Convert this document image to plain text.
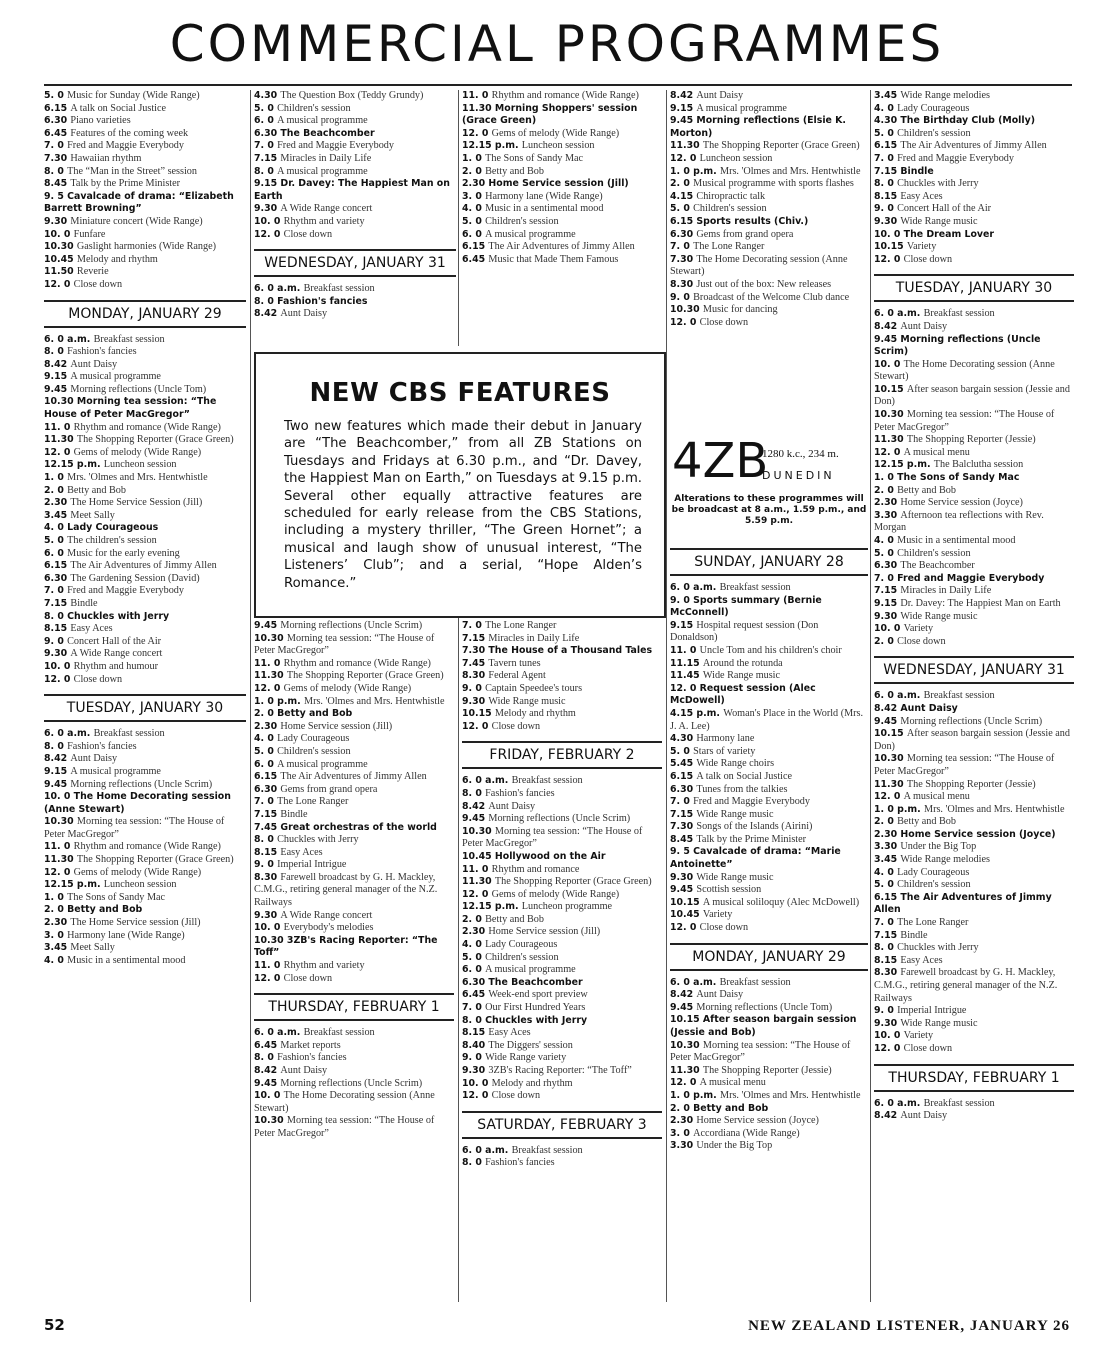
COMMERCIAL PROGRAMMES

5. 0 Music for Sunday (Wide Range)

6.15 A talk on Social Justice

6.30 Piano varieties

6.45 Features of the coming week

7. 0 Fred and Maggie Everybody

7.30 Hawaiian rhythm

8. 0 The “Man in the Street” session

8.45 Talk by the Prime Minister

9. 5 Cavalcade of drama: “Elizabeth Barrett Browning”

9.30 Miniature concert (Wide Range)

10. 0 Funfare

10.30 Gaslight harmonies (Wide Range)

10.45 Melody and rhythm

11.50 Reverie

12. 0 Close down

MONDAY, JANUARY 29

6. 0 a.m. Breakfast session

8. 0 Fashion's fancies

8.42 Aunt Daisy

9.15 A musical programme

9.45 Morning reflections (Uncle Tom)

10.30 Morning tea session: “The House of Peter MacGregor”

11. 0 Rhythm and romance (Wide Range)

11.30 The Shopping Reporter (Grace Green)

12. 0 Gems of melody (Wide Range)

12.15 p.m. Luncheon session

1. 0 Mrs. 'Olmes and Mrs. Hentwhistle

2. 0 Betty and Bob

2.30 The Home Service Session (Jill)

3.45 Meet Sally

4. 0 Lady Courageous

5. 0 The children's session

6. 0 Music for the early evening

6.15 The Air Adventures of Jimmy Allen

6.30 The Gardening Session (David)

7. 0 Fred and Maggie Everybody

7.15 Bindle

8. 0 Chuckles with Jerry

8.15 Easy Aces

9. 0 Concert Hall of the Air

9.30 A Wide Range concert

10. 0 Rhythm and humour

12. 0 Close down

TUESDAY, JANUARY 30

6. 0 a.m. Breakfast session

8. 0 Fashion's fancies

8.42 Aunt Daisy

9.15 A musical programme

9.45 Morning reflections (Uncle Scrim)

10. 0 The Home Decorating session (Anne Stewart)

10.30 Morning tea session: “The House of Peter MacGregor”

11. 0 Rhythm and romance (Wide Range)

11.30 The Shopping Reporter (Grace Green)

12. 0 Gems of melody (Wide Range)

12.15 p.m. Luncheon session

1. 0 The Sons of Sandy Mac

2. 0 Betty and Bob

2.30 The Home Service session (Jill)

3. 0 Harmony lane (Wide Range)

3.45 Meet Sally

4. 0 Music in a sentimental mood

4.30 The Question Box (Teddy Grundy)

5. 0 Children's session

6. 0 A musical programme

6.30 The Beachcomber

7. 0 Fred and Maggie Everybody

7.15 Miracles in Daily Life

8. 0 A musical programme

9.15 Dr. Davey: The Happiest Man on Earth

9.30 A Wide Range concert

10. 0 Rhythm and variety

12. 0 Close down

WEDNESDAY, JANUARY 31

6. 0 a.m. Breakfast session

8. 0 Fashion's fancies

8.42 Aunt Daisy

11. 0 Rhythm and romance (Wide Range)

11.30 Morning Shoppers' session (Grace Green)

12. 0 Gems of melody (Wide Range)

12.15 p.m. Luncheon session

1. 0 The Sons of Sandy Mac

2. 0 Betty and Bob

2.30 Home Service session (Jill)

3. 0 Harmony lane (Wide Range)

4. 0 Music in a sentimental mood

5. 0 Children's session

6. 0 A musical programme

6.15 The Air Adventures of Jimmy Allen

6.45 Music that Made Them Famous

8.42 Aunt Daisy

9.15 A musical programme

9.45 Morning reflections (Elsie K. Morton)

11.30 The Shopping Reporter (Grace Green)

12. 0 Luncheon session

1. 0 p.m. Mrs. 'Olmes and Mrs. Hentwhistle

2. 0 Musical programme with sports flashes

4.15 Chiropractic talk

5. 0 Children's session

6.15 Sports results (Chiv.)

6.30 Gems from grand opera

7. 0 The Lone Ranger

7.30 The Home Decorating session (Anne Stewart)

8.30 Just out of the box: New releases

9. 0 Broadcast of the Welcome Club dance

10.30 Music for dancing

12. 0 Close down

3.45 Wide Range melodies

4. 0 Lady Courageous

4.30 The Birthday Club (Molly)

5. 0 Children's session

6.15 The Air Adventures of Jimmy Allen

7. 0 Fred and Maggie Everybody

7.15 Bindle

8. 0 Chuckles with Jerry

8.15 Easy Aces

9. 0 Concert Hall of the Air

9.30 Wide Range music

10. 0 The Dream Lover

10.15 Variety

12. 0 Close down

TUESDAY, JANUARY 30

6. 0 a.m. Breakfast session

8.42 Aunt Daisy

9.45 Morning reflections (Uncle Scrim)

10. 0 The Home Decorating session (Anne Stewart)

10.15 After season bargain session (Jessie and Don)

10.30 Morning tea session: “The House of Peter MacGregor”

11.30 The Shopping Reporter (Jessie)

12. 0 A musical menu

12.15 p.m. The Balclutha session

1. 0 The Sons of Sandy Mac

2. 0 Betty and Bob

2.30 Home Service session (Joyce)

3.30 Afternoon tea reflections with Rev. Morgan

4. 0 Music in a sentimental mood

5. 0 Children's session

6.30 The Beachcomber

7. 0 Fred and Maggie Everybody

7.15 Miracles in Daily Life

9.15 Dr. Davey: The Happiest Man on Earth

9.30 Wide Range music

10. 0 Variety

2. 0 Close down

WEDNESDAY, JANUARY 31

6. 0 a.m. Breakfast session

8.42 Aunt Daisy

9.45 Morning reflections (Uncle Scrim)

10.15 After season bargain session (Jessie and Don)

10.30 Morning tea session: “The House of Peter MacGregor”

11.30 The Shopping Reporter (Jessie)

12. 0 A musical menu

1. 0 p.m. Mrs. 'Olmes and Mrs. Hentwhistle

2. 0 Betty and Bob

2.30 Home Service session (Joyce)

3.30 Under the Big Top

3.45 Wide Range melodies

4. 0 Lady Courageous

5. 0 Children's session

6.15 The Air Adventures of Jimmy Allen

7. 0 The Lone Ranger

7.15 Bindle

8. 0 Chuckles with Jerry

8.15 Easy Aces

8.30 Farewell broadcast by G. H. Mackley, C.M.G., retiring general manager of the N.Z. Railways

9. 0 Imperial Intrigue

9.30 Wide Range music

10. 0 Variety

12. 0 Close down

THURSDAY, FEBRUARY 1

6. 0 a.m. Breakfast session

8.42 Aunt Daisy

NEW CBS FEATURES
Two new features which made their debut in January are “The Beachcomber,” from all ZB Stations on Tuesdays and Fridays at 6.30 p.m., and “Dr. Davey, the Happiest Man on Earth,” on Tuesdays at 9.15 p.m. Several other equally attractive features are scheduled for early release from the CBS Stations, including a mystery thriller, “The Green Hornet”; a musical and laugh show of unusual interest, “The Listeners’ Club”; and a serial, “Hope Alden’s Romance.”
4ZB
1280 k.c., 234 m.
DUNEDIN
Alterations to these programmes will be broadcast at 8 a.m., 1.59 p.m., and 5.59 p.m.

9.45 Morning reflections (Uncle Scrim)

10.30 Morning tea session: “The House of Peter MacGregor”

11. 0 Rhythm and romance (Wide Range)

11.30 The Shopping Reporter (Grace Green)

12. 0 Gems of melody (Wide Range)

1. 0 p.m. Mrs. 'Olmes and Mrs. Hentwhistle

2. 0 Betty and Bob

2.30 Home Service session (Jill)

4. 0 Lady Courageous

5. 0 Children's session

6. 0 A musical programme

6.15 The Air Adventures of Jimmy Allen

6.30 Gems from grand opera

7. 0 The Lone Ranger

7.15 Bindle

7.45 Great orchestras of the world

8. 0 Chuckles with Jerry

8.15 Easy Aces

9. 0 Imperial Intrigue

8.30 Farewell broadcast by G. H. Mackley, C.M.G., retiring general manager of the N.Z. Railways

9.30 A Wide Range concert

10. 0 Everybody's melodies

10.30 3ZB's Racing Reporter: “The Toff”

11. 0 Rhythm and variety

12. 0 Close down

THURSDAY, FEBRUARY 1

6. 0 a.m. Breakfast session

6.45 Market reports

8. 0 Fashion's fancies

8.42 Aunt Daisy

9.45 Morning reflections (Uncle Scrim)

10. 0 The Home Decorating session (Anne Stewart)

10.30 Morning tea session: “The House of Peter MacGregor”

7. 0 The Lone Ranger

7.15 Miracles in Daily Life

7.30 The House of a Thousand Tales

7.45 Tavern tunes

8.30 Federal Agent

9. 0 Captain Speedee's tours

9.30 Wide Range music

10.15 Melody and rhythm

12. 0 Close down

FRIDAY, FEBRUARY 2

6. 0 a.m. Breakfast session

8. 0 Fashion's fancies

8.42 Aunt Daisy

9.45 Morning reflections (Uncle Scrim)

10.30 Morning tea session: “The House of Peter MacGregor”

10.45 Hollywood on the Air

11. 0 Rhythm and romance

11.30 The Shopping Reporter (Grace Green)

12. 0 Gems of melody (Wide Range)

12.15 p.m. Luncheon programme

2. 0 Betty and Bob

2.30 Home Service session (Jill)

4. 0 Lady Courageous

5. 0 Children's session

6. 0 A musical programme

6.30 The Beachcomber

6.45 Week-end sport preview

7. 0 Our First Hundred Years

8. 0 Chuckles with Jerry

8.15 Easy Aces

8.40 The Diggers' session

9. 0 Wide Range variety

9.30 3ZB's Racing Reporter: “The Toff”

10. 0 Melody and rhythm

12. 0 Close down

SATURDAY, FEBRUARY 3

6. 0 a.m. Breakfast session

8. 0 Fashion's fancies

SUNDAY, JANUARY 28

6. 0 a.m. Breakfast session

9. 0 Sports summary (Bernie McConnell)

9.15 Hospital request session (Don Donaldson)

11. 0 Uncle Tom and his children's choir

11.15 Around the rotunda

11.45 Wide Range music

12. 0 Request session (Alec McDowell)

4.15 p.m. Woman's Place in the World (Mrs. J. A. Lee)

4.30 Harmony lane

5. 0 Stars of variety

5.45 Wide Range choirs

6.15 A talk on Social Justice

6.30 Tunes from the talkies

7. 0 Fred and Maggie Everybody

7.15 Wide Range music

7.30 Songs of the Islands (Airini)

8.45 Talk by the Prime Minister

9. 5 Cavalcade of drama: “Marie Antoinette”

9.30 Wide Range music

9.45 Scottish session

10.15 A musical soliloquy (Alec McDowell)

10.45 Variety

12. 0 Close down

MONDAY, JANUARY 29

6. 0 a.m. Breakfast session

8.42 Aunt Daisy

9.45 Morning reflections (Uncle Tom)

10.15 After season bargain session (Jessie and Bob)

10.30 Morning tea session: “The House of Peter MacGregor”

11.30 The Shopping Reporter (Jessie)

12. 0 A musical menu

1. 0 p.m. Mrs. 'Olmes and Mrs. Hentwhistle

2. 0 Betty and Bob

2.30 Home Service session (Joyce)

3. 0 Accordiana (Wide Range)

3.30 Under the Big Top

52	NEW ZEALAND LISTENER, JANUARY 26
